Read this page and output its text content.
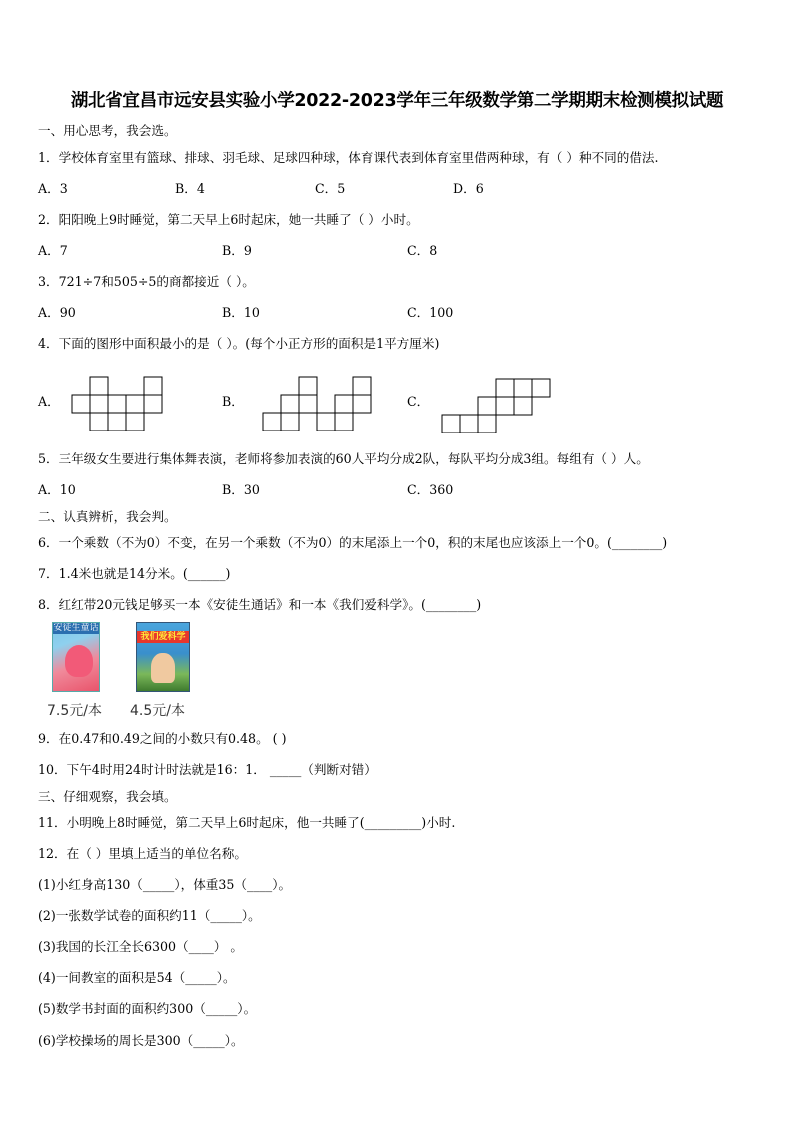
湖北省宜昌市远安县实验小学2022-2023学年三年级数学第二学期期末检测模拟试题
一、用心思考，我会选。
1．学校体育室里有篮球、排球、羽毛球、足球四种球，体育课代表到体育室里借两种球，有（ ）种不同的借法.
A．3	B．4	C．5	D．6
2．阳阳晚上9时睡觉，第二天早上6时起床，她一共睡了（ ）小时。
A．7	B．9	C．8
3．721÷7和505÷5的商都接近（ ）。
A．90	B．10	C．100
4．下面的图形中面积最小的是（ ）。(每个小正方形的面积是1平方厘米)
A．	B．	C．
5．三年级女生要进行集体舞表演，老师将参加表演的60人平均分成2队，每队平均分成3组。每组有（ ）人。
A．10	B．30	C．360
二、认真辨析，我会判。
6．一个乘数（不为0）不变，在另一个乘数（不为0）的末尾添上一个0，积的末尾也应该添上一个0。(________)
7．1.4米也就是14分米。(______)
8．红红带20元钱足够买一本《安徒生通话》和一本《我们爱科学》。(________)
安徒生童话
我们爱科学
7.5元/本 4.5元/本
9．在0.47和0.49之间的小数只有0.48。 ( )
10．下午4时用24时计时法就是16：1． _____（判断对错）
三、仔细观察，我会填。
11．小明晚上8时睡觉，第二天早上6时起床，他一共睡了(_________)小时.
12．在（ ）里填上适当的单位名称。
(1)小红身高130（_____），体重35（____）。
(2)一张数学试卷的面积约11（_____）。
(3)我国的长江全长6300（____） 。
(4)一间教室的面积是54（_____）。
(5)数学书封面的面积约300（_____）。
(6)学校操场的周长是300（_____）。
